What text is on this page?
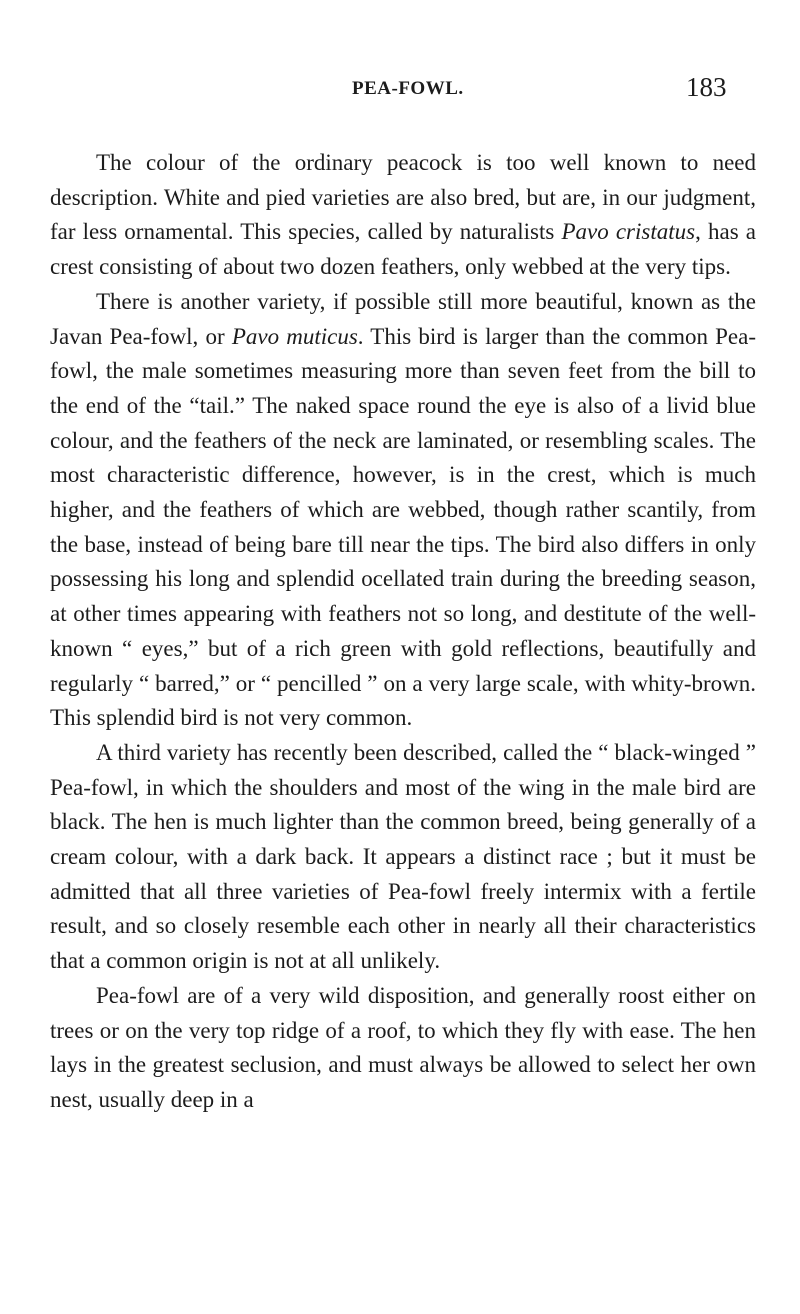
PEA-FOWL.	183

The colour of the ordinary peacock is too well known to need description. White and pied varieties are also bred, but are, in our judgment, far less ornamental. This species, called by naturalists Pavo cristatus, has a crest consisting of about two dozen feathers, only webbed at the very tips.

There is another variety, if possible still more beautiful, known as the Javan Pea-fowl, or Pavo muticus. This bird is larger than the common Pea-fowl, the male sometimes measuring more than seven feet from the bill to the end of the “tail.” The naked space round the eye is also of a livid blue colour, and the feathers of the neck are laminated, or resembling scales. The most characteristic difference, however, is in the crest, which is much higher, and the feathers of which are webbed, though rather scantily, from the base, instead of being bare till near the tips. The bird also differs in only possessing his long and splendid ocellated train during the breeding season, at other times appearing with feathers not so long, and destitute of the well-known “ eyes,” but of a rich green with gold reflections, beautifully and regularly “ barred,” or “ pencilled ” on a very large scale, with whity-brown. This splendid bird is not very common.

A third variety has recently been described, called the “ black-winged ” Pea-fowl, in which the shoulders and most of the wing in the male bird are black. The hen is much lighter than the common breed, being generally of a cream colour, with a dark back. It appears a distinct race ; but it must be admitted that all three varieties of Pea-fowl freely intermix with a fertile result, and so closely resemble each other in nearly all their characteristics that a common origin is not at all unlikely.

Pea-fowl are of a very wild disposition, and generally roost either on trees or on the very top ridge of a roof, to which they fly with ease. The hen lays in the greatest seclusion, and must always be allowed to select her own nest, usually deep in a
